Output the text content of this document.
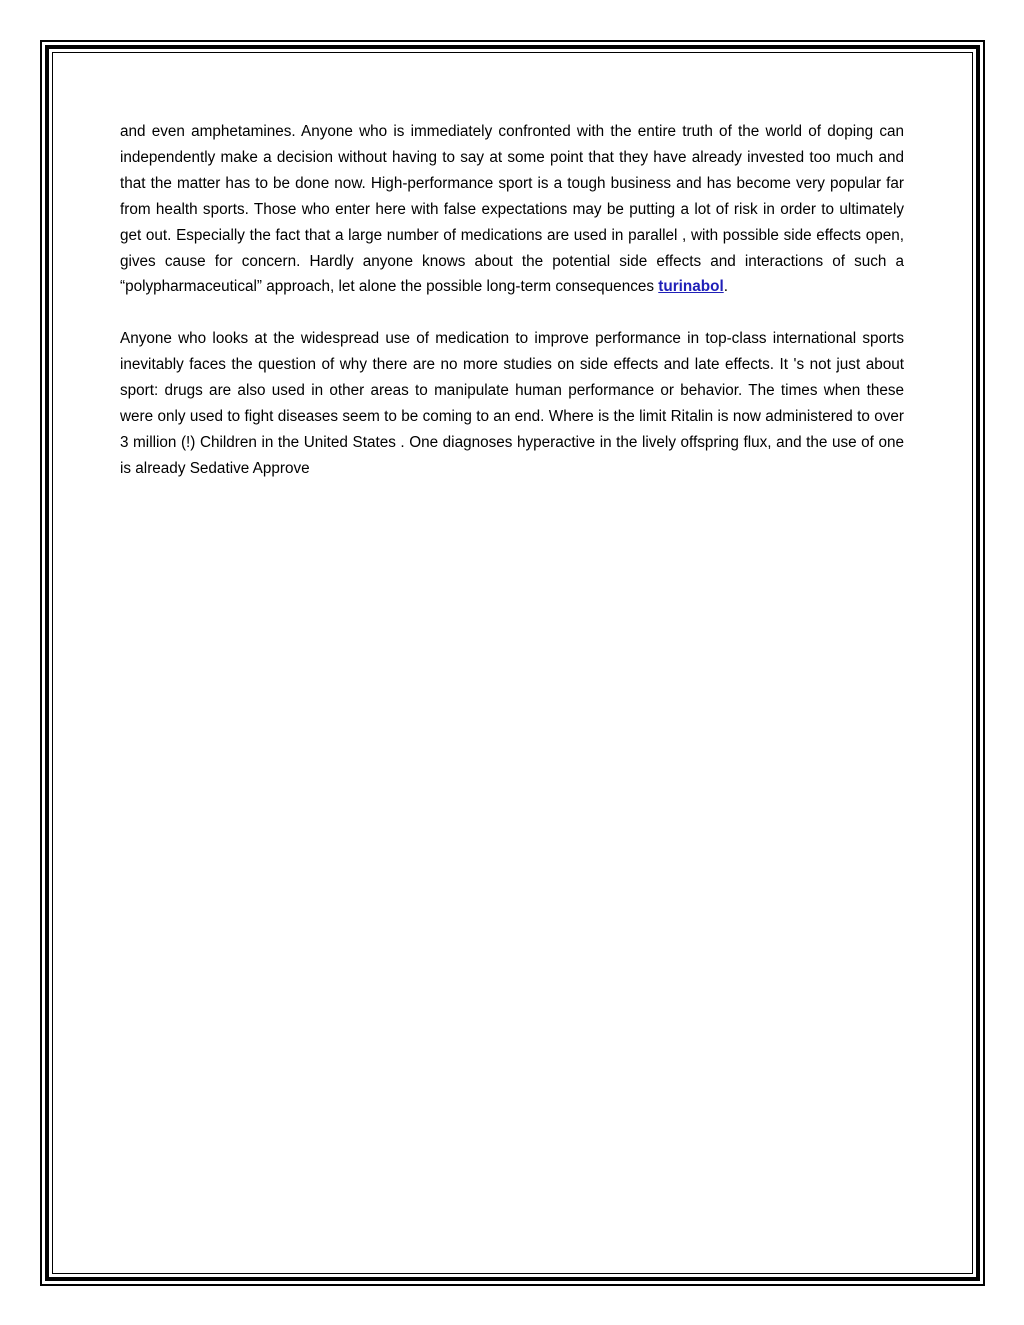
and even amphetamines. Anyone who is immediately confronted with the entire truth of the world of doping can independently make a decision without having to say at some point that they have already invested too much and that the matter has to be done now. High-performance sport is a tough business and has become very popular far from health sports. Those who enter here with false expectations may be putting a lot of risk in order to ultimately get out. Especially the fact that a large number of medications are used in parallel , with possible side effects open, gives cause for concern. Hardly anyone knows about the potential side effects and interactions of such a “polypharmaceutical” approach, let alone the possible long-term consequences turinabol.

Anyone who looks at the widespread use of medication to improve performance in top-class international sports inevitably faces the question of why there are no more studies on side effects and late effects. It 's not just about sport: drugs are also used in other areas to manipulate human performance or behavior. The times when these were only used to fight diseases seem to be coming to an end. Where is the limit Ritalin is now administered to over 3 million (!) Children in the United States . One diagnoses hyperactive in the lively offspring flux, and the use of one is already Sedative Approve
